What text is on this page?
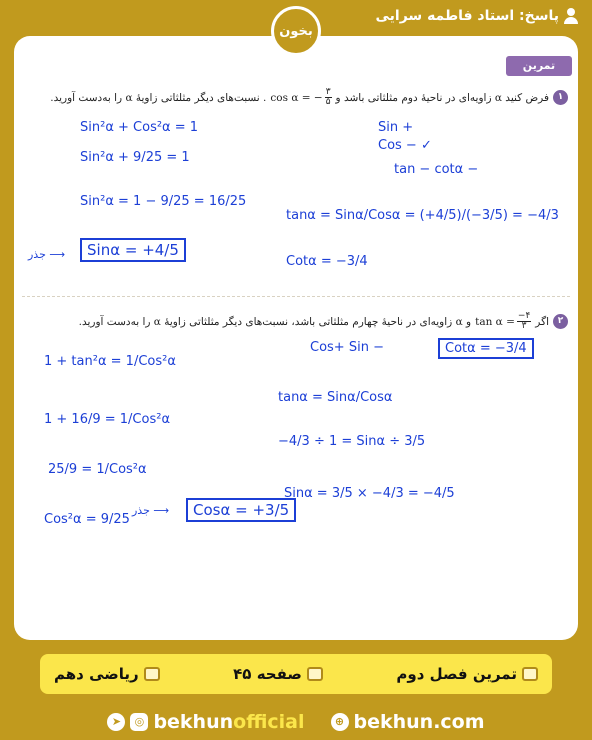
پاسخ: استاد فاطمه سرایی
بخون
تمرین
۱
فرض کنید α زاویه‌ای در ناحیهٔ دوم مثلثاتی باشد و
cos α = − $\frac{۳}{۵}$
. نسبت‌های دیگر مثلثاتی زاویهٔ α را به‌دست آورید.
Sin²α + Cos²α = 1
Sin²α + 9/25 = 1
Sin²α = 1 − 9/25 = 16/25
جذر ⟶	Sinα = +4/5
Sin +
Cos − ✓
tan − cotα −
tanα = Sinα/Cosα = (+4/5)/(−3/5) = −4/3
Cotα = −3/4
۲
اگر
$\tan \alpha = \frac{-۴}{۳}$
و α زاویه‌ای در ناحیهٔ چهارم مثلثاتی باشد، نسبت‌های دیگر مثلثاتی زاویهٔ α را به‌دست آورید.
1 + tan²α = 1/Cos²α
1 + 16/9 = 1/Cos²α
25/9 = 1/Cos²α
Cos²α = 9/25
جذر ⟶	Cosα = +3/5
Cos+ Sin −	Cotα = −3/4
tanα = Sinα/Cosα
−4/3 ÷ 1 = Sinα ÷ 3/5
Sinα = 3/5 × −4/3 = −4/5
تمرین فصل دوم
صفحه ۴۵
ریاضی دهم
➤	◎ bekhun official	⊕ bekhun.com
